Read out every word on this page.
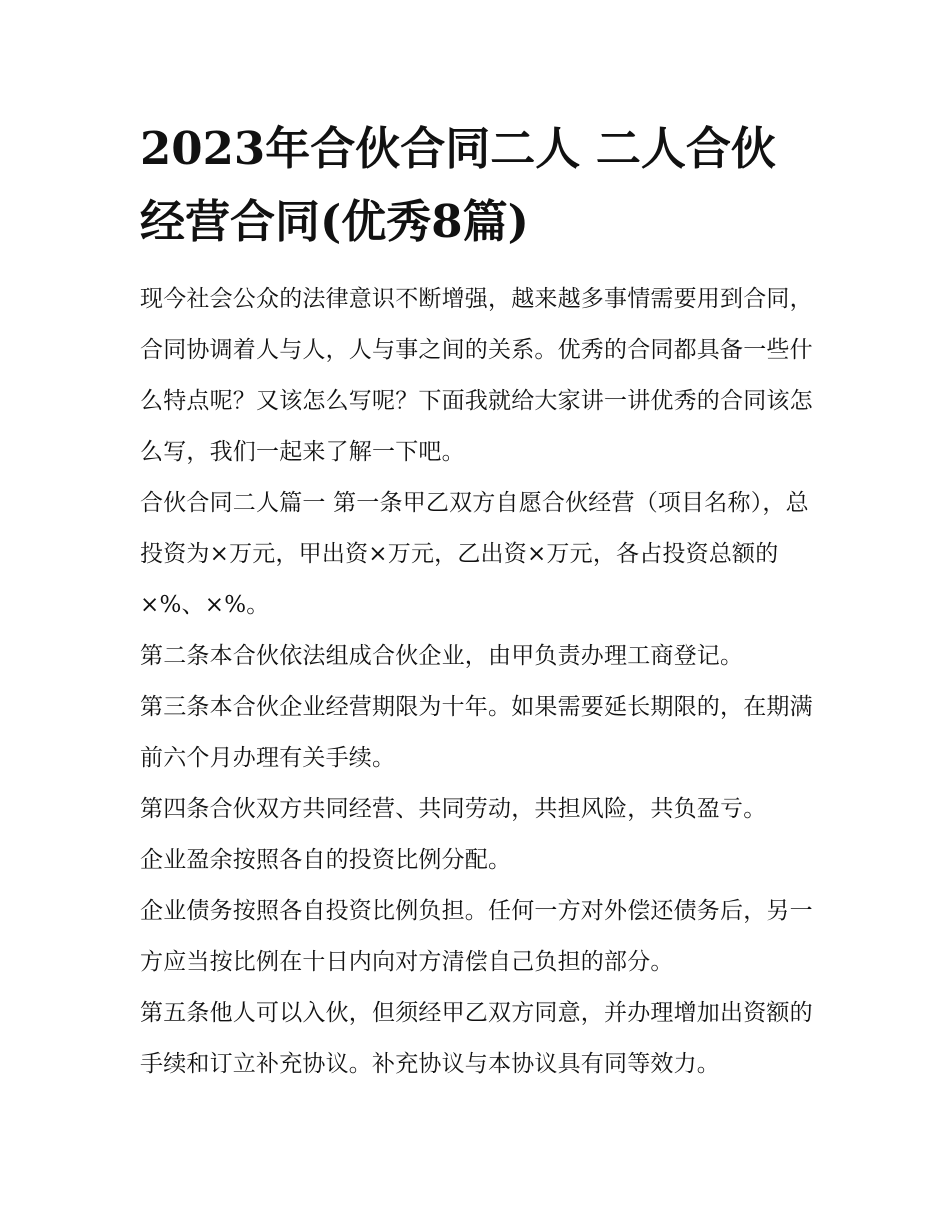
2023年合伙合同二人 二人合伙经营合同(优秀8篇)

现今社会公众的法律意识不断增强，越来越多事情需要用到合同，合同协调着人与人，人与事之间的关系。优秀的合同都具备一些什么特点呢？又该怎么写呢？下面我就给大家讲一讲优秀的合同该怎么写，我们一起来了解一下吧。

合伙合同二人篇一 第一条甲乙双方自愿合伙经营（项目名称），总投资为×万元，甲出资×万元，乙出资×万元，各占投资总额的×%、×%。

第二条本合伙依法组成合伙企业，由甲负责办理工商登记。

第三条本合伙企业经营期限为十年。如果需要延长期限的，在期满前六个月办理有关手续。

第四条合伙双方共同经营、共同劳动，共担风险，共负盈亏。

企业盈余按照各自的投资比例分配。

企业债务按照各自投资比例负担。任何一方对外偿还债务后，另一方应当按比例在十日内向对方清偿自己负担的部分。

第五条他人可以入伙，但须经甲乙双方同意，并办理增加出资额的手续和订立补充协议。补充协议与本协议具有同等效力。
